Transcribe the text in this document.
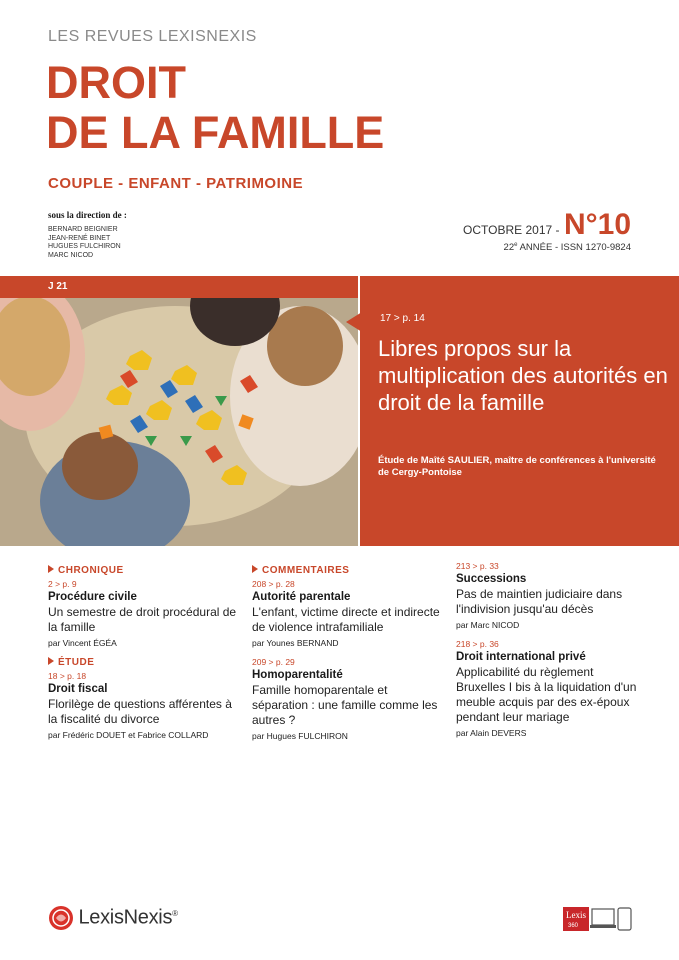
LES REVUES LEXISNEXIS
DROIT
DE LA FAMILLE
COUPLE - ENFANT - PATRIMOINE
sous la direction de :
BERNARD BEIGNIER
JEAN-RENÉ BINET
HUGUES FULCHIRON
MARC NICOD
OCTOBRE 2017 - N°10
22e ANNÉE - ISSN 1270-9824
J 21
17 > p. 14
Libres propos sur la multiplication des autorités en droit de la famille
Étude de Maîté SAULIER, maître de conférences à l'université de Cergy-Pontoise
CHRONIQUE
2 > p. 9
Procédure civile
Un semestre de droit procédural de la famille
par Vincent ÉGÉA
ÉTUDE
18 > p. 18
Droit fiscal
Florilège de questions afférentes à la fiscalité du divorce
par Frédéric DOUET et Fabrice COLLARD
COMMENTAIRES
208 > p. 28
Autorité parentale
L'enfant, victime directe et indirecte de violence intrafamiliale
par Younes BERNAND
209 > p. 29
Homoparentalité
Famille homoparentale et séparation : une famille comme les autres ?
par Hugues FULCHIRON
213 > p. 33
Successions
Pas de maintien judiciaire dans l'indivision jusqu'au décès
par Marc NICOD
218 > p. 36
Droit international privé
Applicabilité du règlement Bruxelles I bis à la liquidation d'un meuble acquis par des ex-époux pendant leur mariage
par Alain DEVERS
LexisNexis®	Lexis
360
